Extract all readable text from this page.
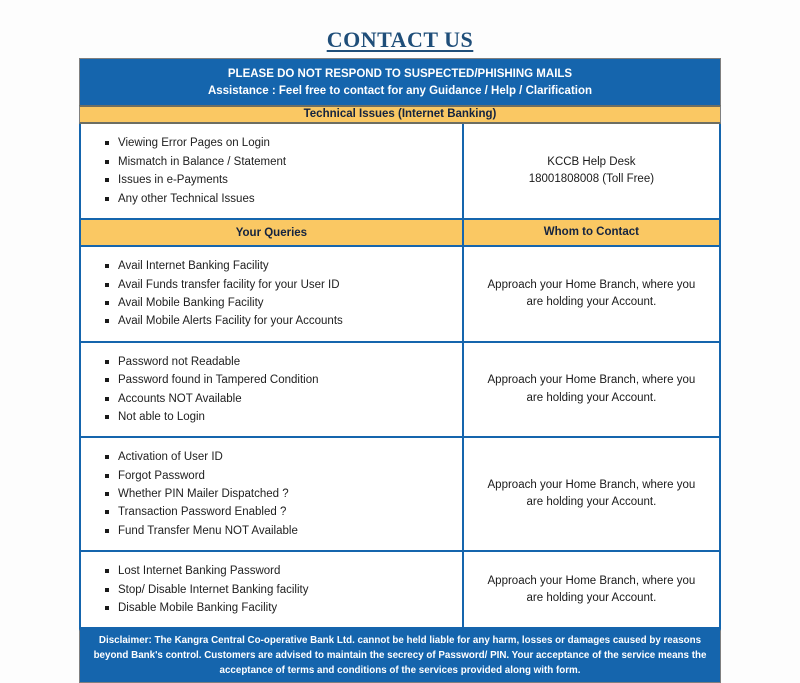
CONTACT US
PLEASE DO NOT RESPOND TO SUSPECTED/PHISHING MAILS
Assistance : Feel free to contact for any Guidance / Help / Clarification
Technical Issues (Internet Banking)
Viewing Error Pages on Login
Mismatch in Balance / Statement
Issues in e-Payments
Any other Technical Issues
KCCB Help Desk
18001808008 (Toll Free)
Your Queries	Whom to Contact
Avail Internet Banking Facility
Avail Funds transfer facility for your User ID
Avail Mobile Banking Facility
Avail Mobile Alerts Facility for your Accounts
Approach your Home Branch, where you are holding your Account.
Password not Readable
Password found in Tampered Condition
Accounts NOT Available
Not able to Login
Approach your Home Branch, where you are holding your Account.
Activation of User ID
Forgot Password
Whether PIN Mailer Dispatched ?
Transaction Password Enabled ?
Fund Transfer Menu NOT Available
Approach your Home Branch, where you are holding your Account.
Lost Internet Banking Password
Stop/ Disable Internet Banking facility
Disable Mobile Banking Facility
Approach your Home Branch, where you are holding your Account.
Disclaimer: The Kangra Central Co-operative Bank Ltd. cannot be held liable for any harm, losses or damages caused by reasons beyond Bank's control. Customers are advised to maintain the secrecy of Password/ PIN. Your acceptance of the service means the acceptance of terms and conditions of the services provided along with form.
